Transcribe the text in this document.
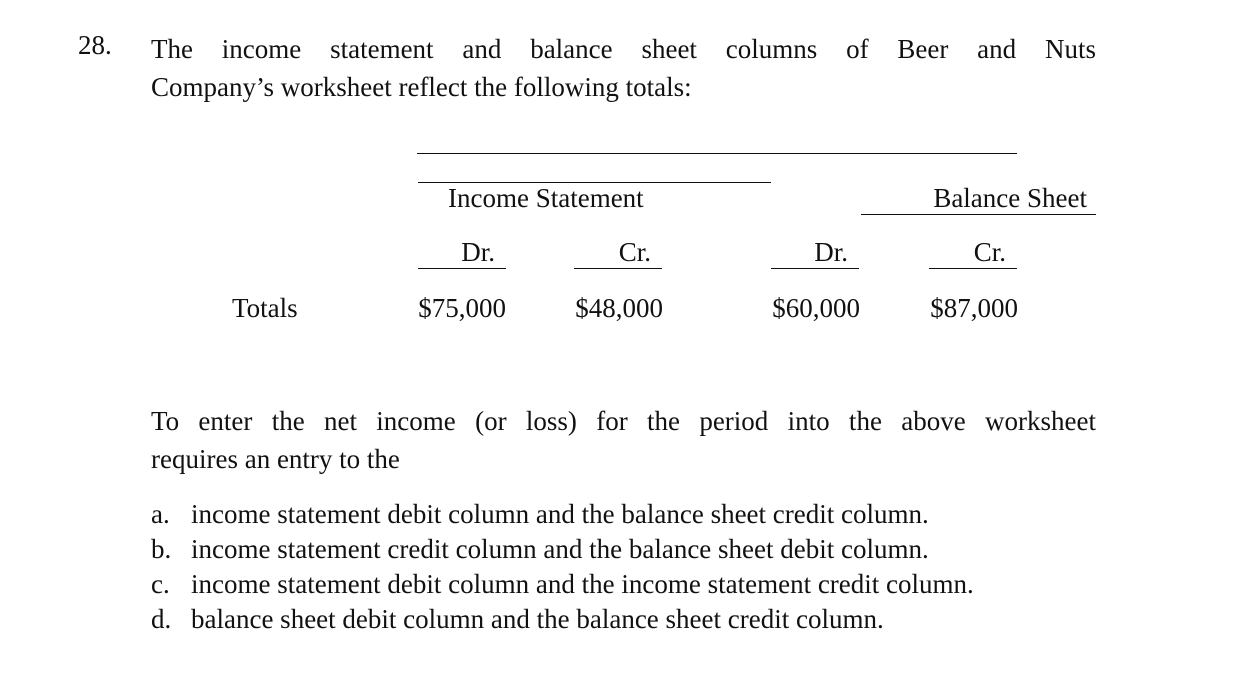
28. The income statement and balance sheet columns of Beer and Nuts
Company’s worksheet reflect the following totals:
Income Statement	Balance Sheet
Dr.	Cr.	Dr.	Cr.
Totals	$75,000	$48,000	$60,000	$87,000
To enter the net income (or loss) for the period into the above worksheet
requires an entry to the
a. income statement debit column and the balance sheet credit column.
b. income statement credit column and the balance sheet debit column.
c. income statement debit column and the income statement credit column.
d. balance sheet debit column and the balance sheet credit column.
